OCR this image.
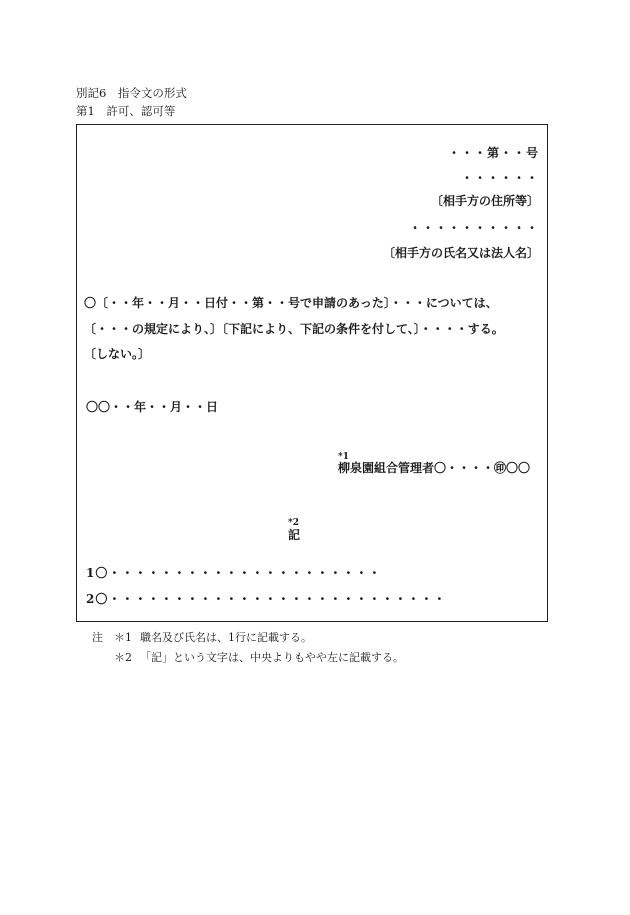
別記6　指令文の形式
第1　許可、認可等
・・・第・・号
・・・・・・
〔相手方の住所等〕
・・・・・・・・・・
〔相手方の氏名又は法人名〕
〇〔・・年・・月・・日付・・第・・号で申請のあった〕・・・については、
〔・・・の規定により、〕〔下記により、下記の条件を付して、〕・・・・する。
〔しない。〕
〇〇・・年・・月・・日
*1
柳泉園組合管理者〇・・・・㊞〇〇
*2
記
1〇・・・・・・・・・・・・・・・・・・・・・
2〇・・・・・・・・・・・・・・・・・・・・・・・・・・
注 ＊1 職名及び氏名は、1行に記載する。
＊2 「記」という文字は、中央よりもやや左に記載する。
